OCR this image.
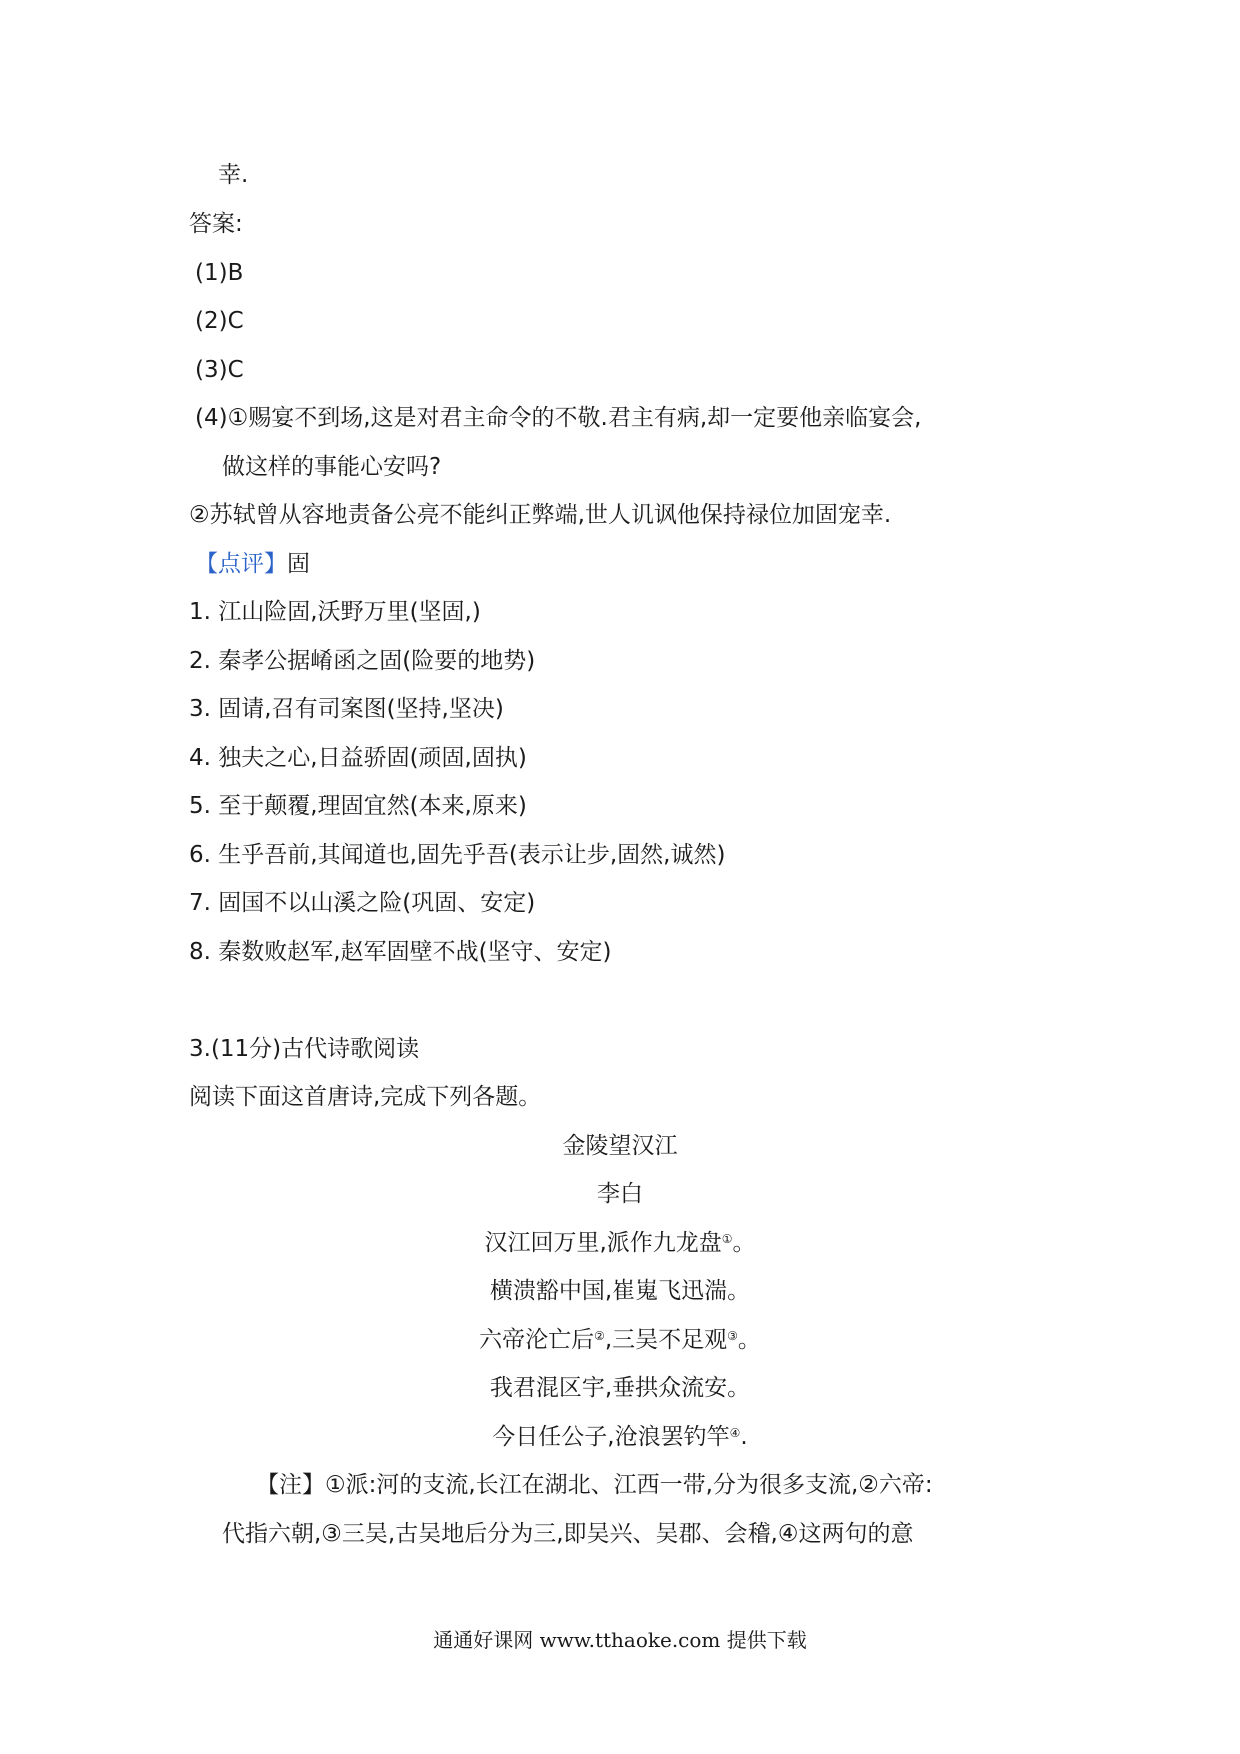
幸.
答案:
(1)B
(2)C
(3)C
(4)①赐宴不到场,这是对君主命令的不敬.君主有病,却一定要他亲临宴会,
做这样的事能心安吗?
②苏轼曾从容地责备公亮不能纠正弊端,世人讥讽他保持禄位加固宠幸.
【点评】固
1. 江山险固,沃野万里(坚固,)
2. 秦孝公据崤函之固(险要的地势)
3. 固请,召有司案图(坚持,坚决)
4. 独夫之心,日益骄固(顽固,固执)
5. 至于颠覆,理固宜然(本来,原来)
6. 生乎吾前,其闻道也,固先乎吾(表示让步,固然,诚然)
7. 固国不以山溪之险(巩固、安定)
8. 秦数败赵军,赵军固壁不战(坚守、安定)
3.(11分)古代诗歌阅读
阅读下面这首唐诗,完成下列各题。
金陵望汉江
李白
汉江回万里,派作九龙盘①。
横溃豁中国,崔嵬飞迅湍。
六帝沦亡后②,三吴不足观③。
我君混区宇,垂拱众流安。
今日任公子,沧浪罢钓竿④.
【注】①派:河的支流,长江在湖北、江西一带,分为很多支流,②六帝:
代指六朝,③三吴,古吴地后分为三,即吴兴、吴郡、会稽,④这两句的意
通通好课网 www.tthaoke.com 提供下载
